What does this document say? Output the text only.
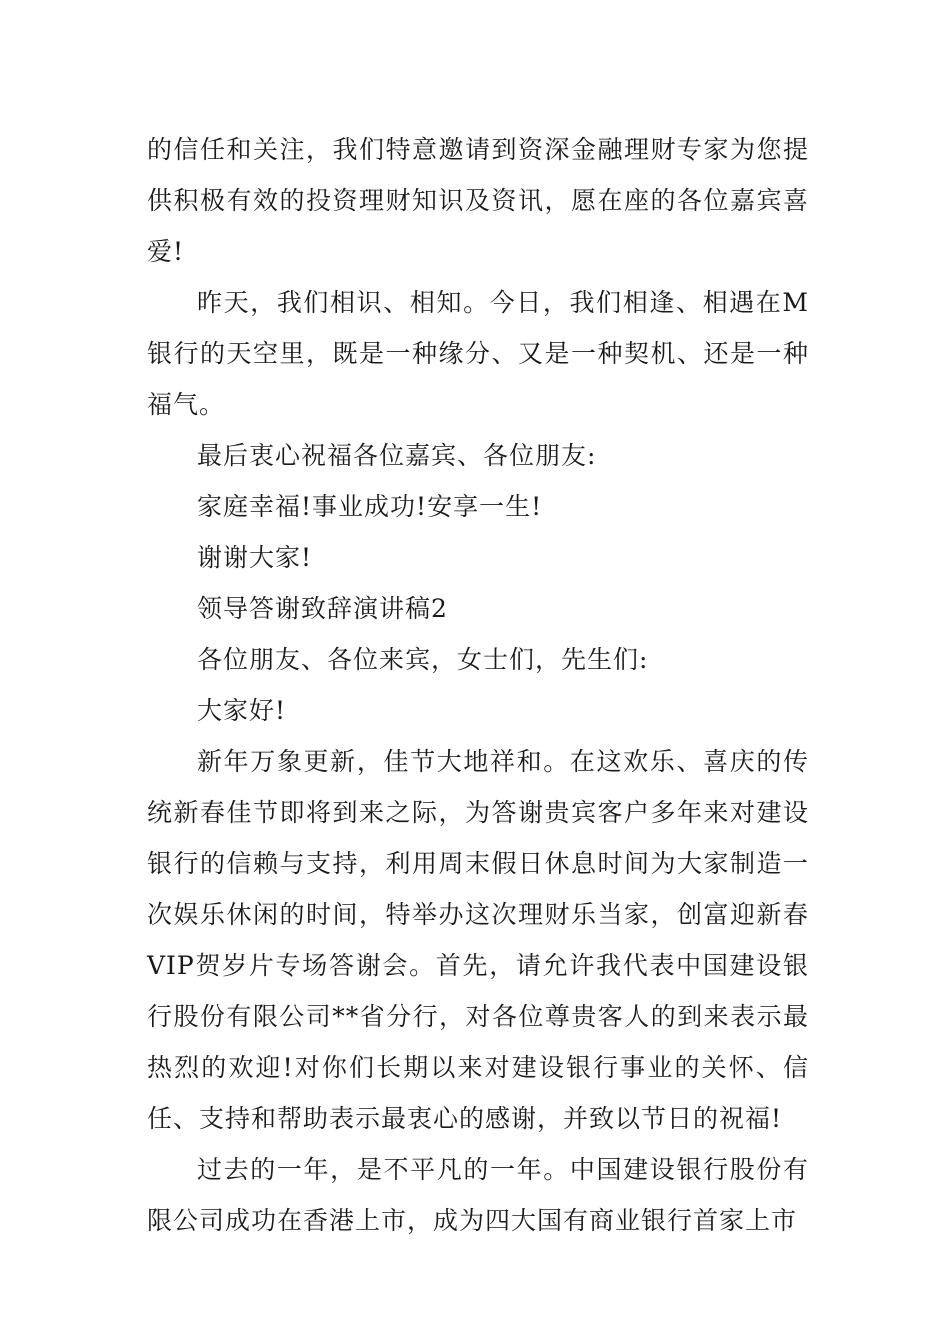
的信任和关注，我们特意邀请到资深金融理财专家为您提供积极有效的投资理财知识及资讯，愿在座的各位嘉宾喜爱!

昨天，我们相识、相知。今日，我们相逢、相遇在M银行的天空里，既是一种缘分、又是一种契机、还是一种福气。

最后衷心祝福各位嘉宾、各位朋友:

家庭幸福!事业成功!安享一生!

谢谢大家!

领导答谢致辞演讲稿2

各位朋友、各位来宾，女士们，先生们:

大家好!

新年万象更新，佳节大地祥和。在这欢乐、喜庆的传统新春佳节即将到来之际，为答谢贵宾客户多年来对建设银行的信赖与支持，利用周末假日休息时间为大家制造一次娱乐休闲的时间，特举办这次理财乐当家，创富迎新春VIP贺岁片专场答谢会。首先，请允许我代表中国建设银行股份有限公司**省分行，对各位尊贵客人的到来表示最热烈的欢迎!对你们长期以来对建设银行事业的关怀、信任、支持和帮助表示最衷心的感谢，并致以节日的祝福!

过去的一年，是不平凡的一年。中国建设银行股份有限公司成功在香港上市，成为四大国有商业银行首家上市
